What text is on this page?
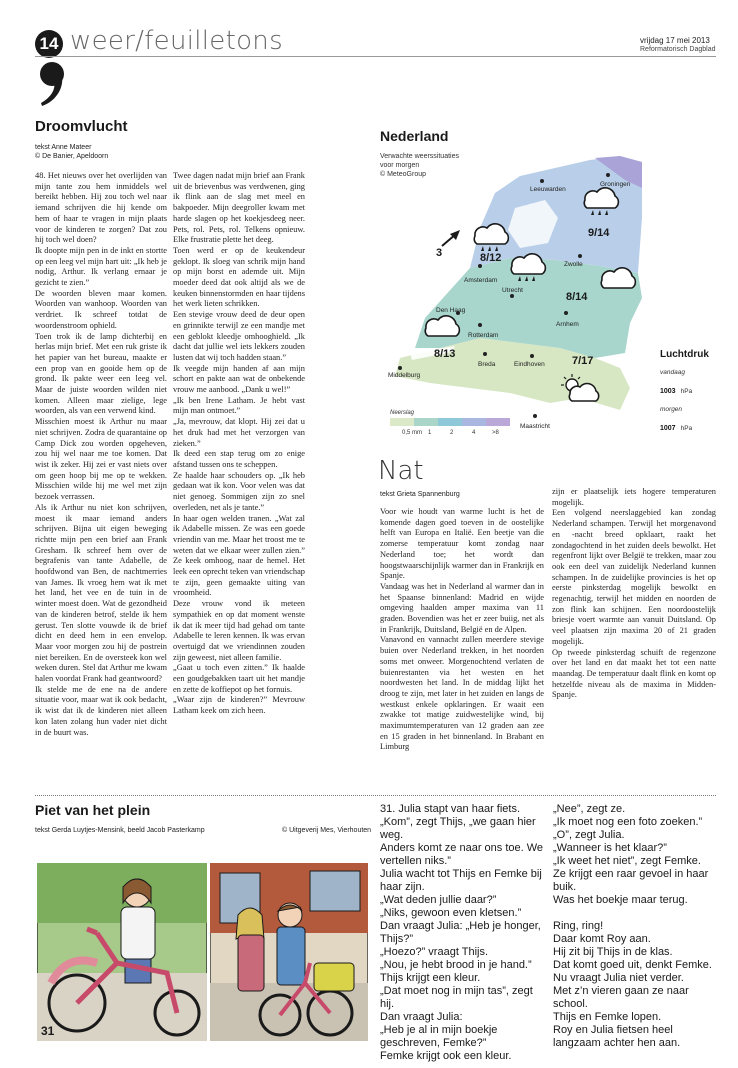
14 weer/feuilletons	vrijdag 17 mei 2013
Reformatorisch Dagblad
Droomvlucht
tekst Anne Mateer
© De Banier, Apeldoorn

48. Het nieuws over het overlijden van mijn tante zou hem inmiddels wel bereikt hebben. Hij zou toch wel naar iemand schrijven die hij kende om hem of haar te vragen in mijn plaats voor de kinderen te zorgen? Dat zou hij toch wel doen?

Ik doopte mijn pen in de inkt en stortte op een leeg vel mijn hart uit: „Ik heb je nodig, Arthur. Ik verlang ernaar je gezicht te zien.”

De woorden bleven maar komen. Woorden van wanhoop. Woorden van verdriet. Ik schreef totdat de woordenstroom ophield.

Toen trok ik de lamp dichterbij en herlas mijn brief. Met een ruk griste ik het papier van het bureau, maakte er een prop van en gooide hem op de grond. Ik pakte weer een leeg vel. Maar de juiste woorden wilden niet komen. Alleen maar zielige, lege woorden, als van een verwend kind.

Misschien moest ik Arthur nu maar niet schrijven. Zodra de quarantaine op Camp Dick zou worden opgeheven, zou hij wel naar me toe komen. Dat wist ik zeker. Hij zei er vast niets over om geen hoop bij me op te wekken. Misschien wilde hij me wel met zijn bezoek verrassen.

Als ik Arthur nu niet kon schrijven, moest ik maar iemand anders schrijven. Bijna uit eigen beweging richtte mijn pen een brief aan Frank Gresham. Ik schreef hem over de begrafenis van tante Adabelle, de hoofdwond van Ben, de nachtmerries van James. Ik vroeg hem wat ik met het land, het vee en de tuin in de winter moest doen. Wat de gezondheid van de kinderen betrof, stelde ik hem gerust. Ten slotte vouwde ik de brief dicht en deed hem in een envelop. Maar voor morgen zou hij de postrein niet bereiken. En de oversteek kon wel weken duren. Stel dat Arthur me kwam halen voordat Frank had geantwoord?

Ik stelde me de ene na de andere situatie voor, maar wat ik ook bedacht, ik wist dat ik de kinderen niet alleen kon laten zolang hun vader niet dicht in de buurt was.

Twee dagen nadat mijn brief aan Frank uit de brievenbus was verdwenen, ging ik flink aan de slag met meel en bakpoeder. Mijn deegroller kwam met harde slagen op het koekjesdeeg neer. Pets, rol. Pets, rol. Telkens opnieuw. Elke frustratie plette het deeg.

Toen werd er op de keukendeur geklopt. Ik sloeg van schrik mijn hand op mijn borst en ademde uit. Mijn moeder deed dat ook altijd als we de keuken binnenstormden en haar tijdens het werk lieten schrikken.

Een stevige vrouw deed de deur open en grinnikte terwijl ze een mandje met een geblokt kleedje omhooghield. „Ik dacht dat jullie wel iets lekkers zouden lusten dat wij toch hadden staan.”

Ik veegde mijn handen af aan mijn schort en pakte aan wat de onbekende vrouw me aanbood. „Dank u wel!”

„Ik ben Irene Latham. Je hebt vast mijn man ontmoet.”

„Ja, mevrouw, dat klopt. Hij zei dat u het druk had met het verzorgen van zieken.”

Ik deed een stap terug om zo enige afstand tussen ons te scheppen.

Ze haalde haar schouders op. „Ik heb gedaan wat ik kon. Voor velen was dat niet genoeg. Sommigen zijn zo snel overleden, net als je tante.”

In haar ogen welden tranen. „Wat zal ik Adabelle missen. Ze was een goede vriendin van me. Maar het troost me te weten dat we elkaar weer zullen zien.” Ze keek omhoog, naar de hemel. Het leek een oprecht teken van vriendschap te zijn, geen gemaakte uiting van vroomheid.

Deze vrouw vond ik meteen sympathiek en op dat moment wenste ik dat ik meer tijd had gehad om tante Adabelle te leren kennen. Ik was ervan overtuigd dat we vriendinnen zouden zijn geweest, niet alleen familie.

„Gaat u toch even zitten.” Ik haalde een goudgebakken taart uit het mandje en zette de koffiepot op het fornuis.

„Waar zijn de kinderen?” Mevrouw Latham keek om zich heen.

Nederland
Verwachte weerssituaties
voor morgen
© MeteoGroup
Leeuwarden
Groningen
Zwolle
Amsterdam
Den Haag
Utrecht
Arnhem
Rotterdam
Breda	Eindhoven
Middelburg
Maastricht
9/14
8/12
8/14
8/13
7/17
3
Neerslag
0,5 mm 1	2	4	>8
Luchtdruk
vandaag
1003 hPa
morgen
1007 hPa
Nat
tekst Grieta Spannenburg

Voor wie houdt van warme lucht is het de komende dagen goed toeven in de oostelijke helft van Europa en Italië. Een beetje van die zomerse temperatuur komt zondag naar Nederland toe; het wordt dan hoogstwaarschijnlijk warmer dan in Frankrijk en Spanje.

Vandaag was het in Nederland al warmer dan in het Spaanse binnenland: Madrid en wijde omgeving haalden amper maxima van 11 graden. Bovendien was het er zeer buiig, net als in Frankrijk, Duitsland, België en de Alpen.

Vanavond en vannacht zullen meerdere stevige buien over Nederland trekken, in het noorden soms met onweer. Morgenochtend verlaten de buienrestanten via het westen en het noordwesten het land. In de middag lijkt het droog te zijn, met later in het zuiden en langs de westkust enkele opklaringen. Er waait een zwakke tot matige zuidwestelijke wind, bij maximumtemperaturen van 12 graden aan zee en 15 graden in het binnenland. In Brabant en Limburg

zijn er plaatselijk iets hogere temperaturen mogelijk.

Een volgend neerslaggebied kan zondag Nederland schampen. Terwijl het morgenavond en -nacht breed opklaart, raakt het zondagochtend in het zuiden deels bewolkt. Het regenfront lijkt over België te trekken, maar zou ook een deel van zuidelijk Nederland kunnen schampen. In de zuidelijke provincies is het op eerste pinksterdag mogelijk bewolkt en regenachtig, terwijl het midden en noorden de zon flink kan schijnen. Een noordoostelijk briesje voert warmte aan vanuit Duitsland. Op veel plaatsen zijn maxima 20 of 21 graden mogelijk.

Op tweede pinksterdag schuift de regenzone over het land en dat maakt het tot een natte maandag. De temperatuur daalt flink en komt op hetzelfde niveau als de maxima in Midden-Spanje.

Piet van het plein
tekst Gerda Luytjes-Mensink, beeld Jacob Pasterkamp	© Uitgeverij Mes, Vierhouten
31
31. Julia stapt van haar fiets.
„Kom”, zegt Thijs, „we gaan hier weg.
Anders komt ze naar ons toe. We vertellen niks.”
Julia wacht tot Thijs en Femke bij haar zijn.
„Wat deden jullie daar?”
„Niks, gewoon even kletsen.”
Dan vraagt Julia: „Heb je honger, Thijs?”
„Hoezo?” vraagt Thijs.
„Nou, je hebt brood in je hand.”
Thijs krijgt een kleur.
„Dat moet nog in mijn tas”, zegt hij.
Dan vraagt Julia:
„Heb je al in mijn boekje geschreven, Femke?”
Femke krijgt ook een kleur.
„Nee”, zegt ze.
„Ik moet nog een foto zoeken.”
„O”, zegt Julia.
„Wanneer is het klaar?”
„Ik weet het niet”, zegt Femke.
Ze krijgt een raar gevoel in haar buik.
Was het boekje maar terug.
Ring, ring!
Daar komt Roy aan.
Hij zit bij Thijs in de klas.
Dat komt goed uit, denkt Femke.
Nu vraagt Julia niet verder.
Met z’n vieren gaan ze naar school.
Thijs en Femke lopen.
Roy en Julia fietsen heel langzaam achter hen aan.
